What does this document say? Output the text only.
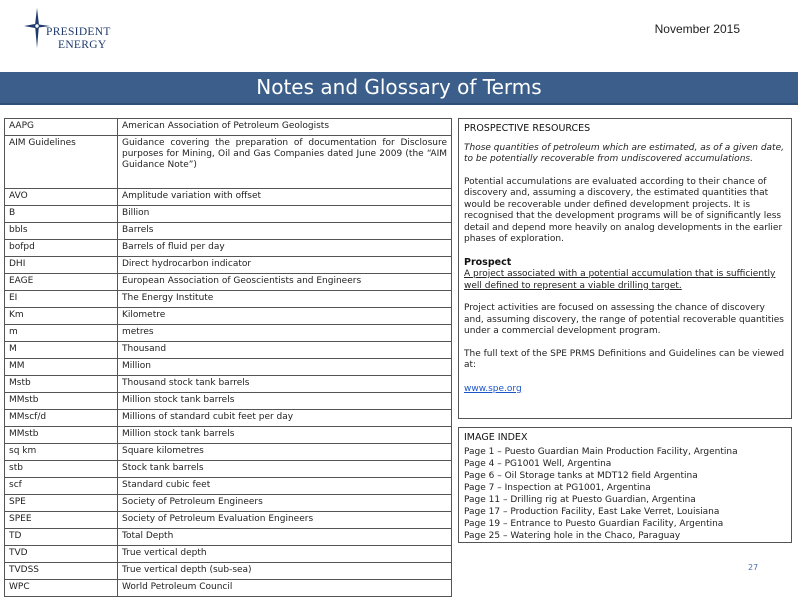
PRESIDENT
ENERGY
November 2015
Notes and Glossary of Terms
AAPG	American Association of Petroleum Geologists
AIM Guidelines	Guidance covering the preparation of documentation for Disclosure purposes for Mining, Oil and Gas Companies dated June 2009 (the “AIM Guidance Note”)
AVO	Amplitude variation with offset
B	Billion
bbls	Barrels
bofpd	Barrels of fluid per day
DHI	Direct hydrocarbon indicator
EAGE	European Association of Geoscientists and Engineers
EI	The Energy Institute
Km	Kilometre
m	metres
M	Thousand
MM	Million
Mstb	Thousand stock tank barrels
MMstb	Million stock tank barrels
MMscf/d	Millions of standard cubit feet per day
MMstb	Million stock tank barrels
sq km	Square kilometres
stb	Stock tank barrels
scf	Standard cubic feet
SPE	Society of Petroleum Engineers
SPEE	Society of Petroleum Evaluation Engineers
TD	Total Depth
TVD	True vertical depth
TVDSS	True vertical depth (sub-sea)
WPC	World Petroleum Council
PROSPECTIVE RESOURCES

Those quantities of petroleum which are estimated, as of a given date, to be potentially recoverable from undiscovered accumulations.

Potential accumulations are evaluated according to their chance of discovery and, assuming a discovery, the estimated quantities that would be recoverable under defined development projects. It is recognised that the development programs will be of significantly less detail and depend more heavily on analog developments in the earlier phases of exploration.

Prospect

A project associated with a potential accumulation that is sufficiently well defined to represent a viable drilling target.

Project activities are focused on assessing the chance of discovery and, assuming discovery, the range of potential recoverable quantities under a commercial development program.

The full text of the SPE PRMS Definitions and Guidelines can be viewed at:

www.spe.org
IMAGE INDEX
Page 1 – Puesto Guardian Main Production Facility, Argentina
Page 4 – PG1001 Well, Argentina
Page 6 – Oil Storage tanks at MDT12 field Argentina
Page 7 – Inspection at PG1001, Argentina
Page 11 – Drilling rig at Puesto Guardian, Argentina
Page 17 – Production Facility, East Lake Verret, Louisiana
Page 19 – Entrance to Puesto Guardian Facility, Argentina
Page 25 – Watering hole in the Chaco, Paraguay
27
